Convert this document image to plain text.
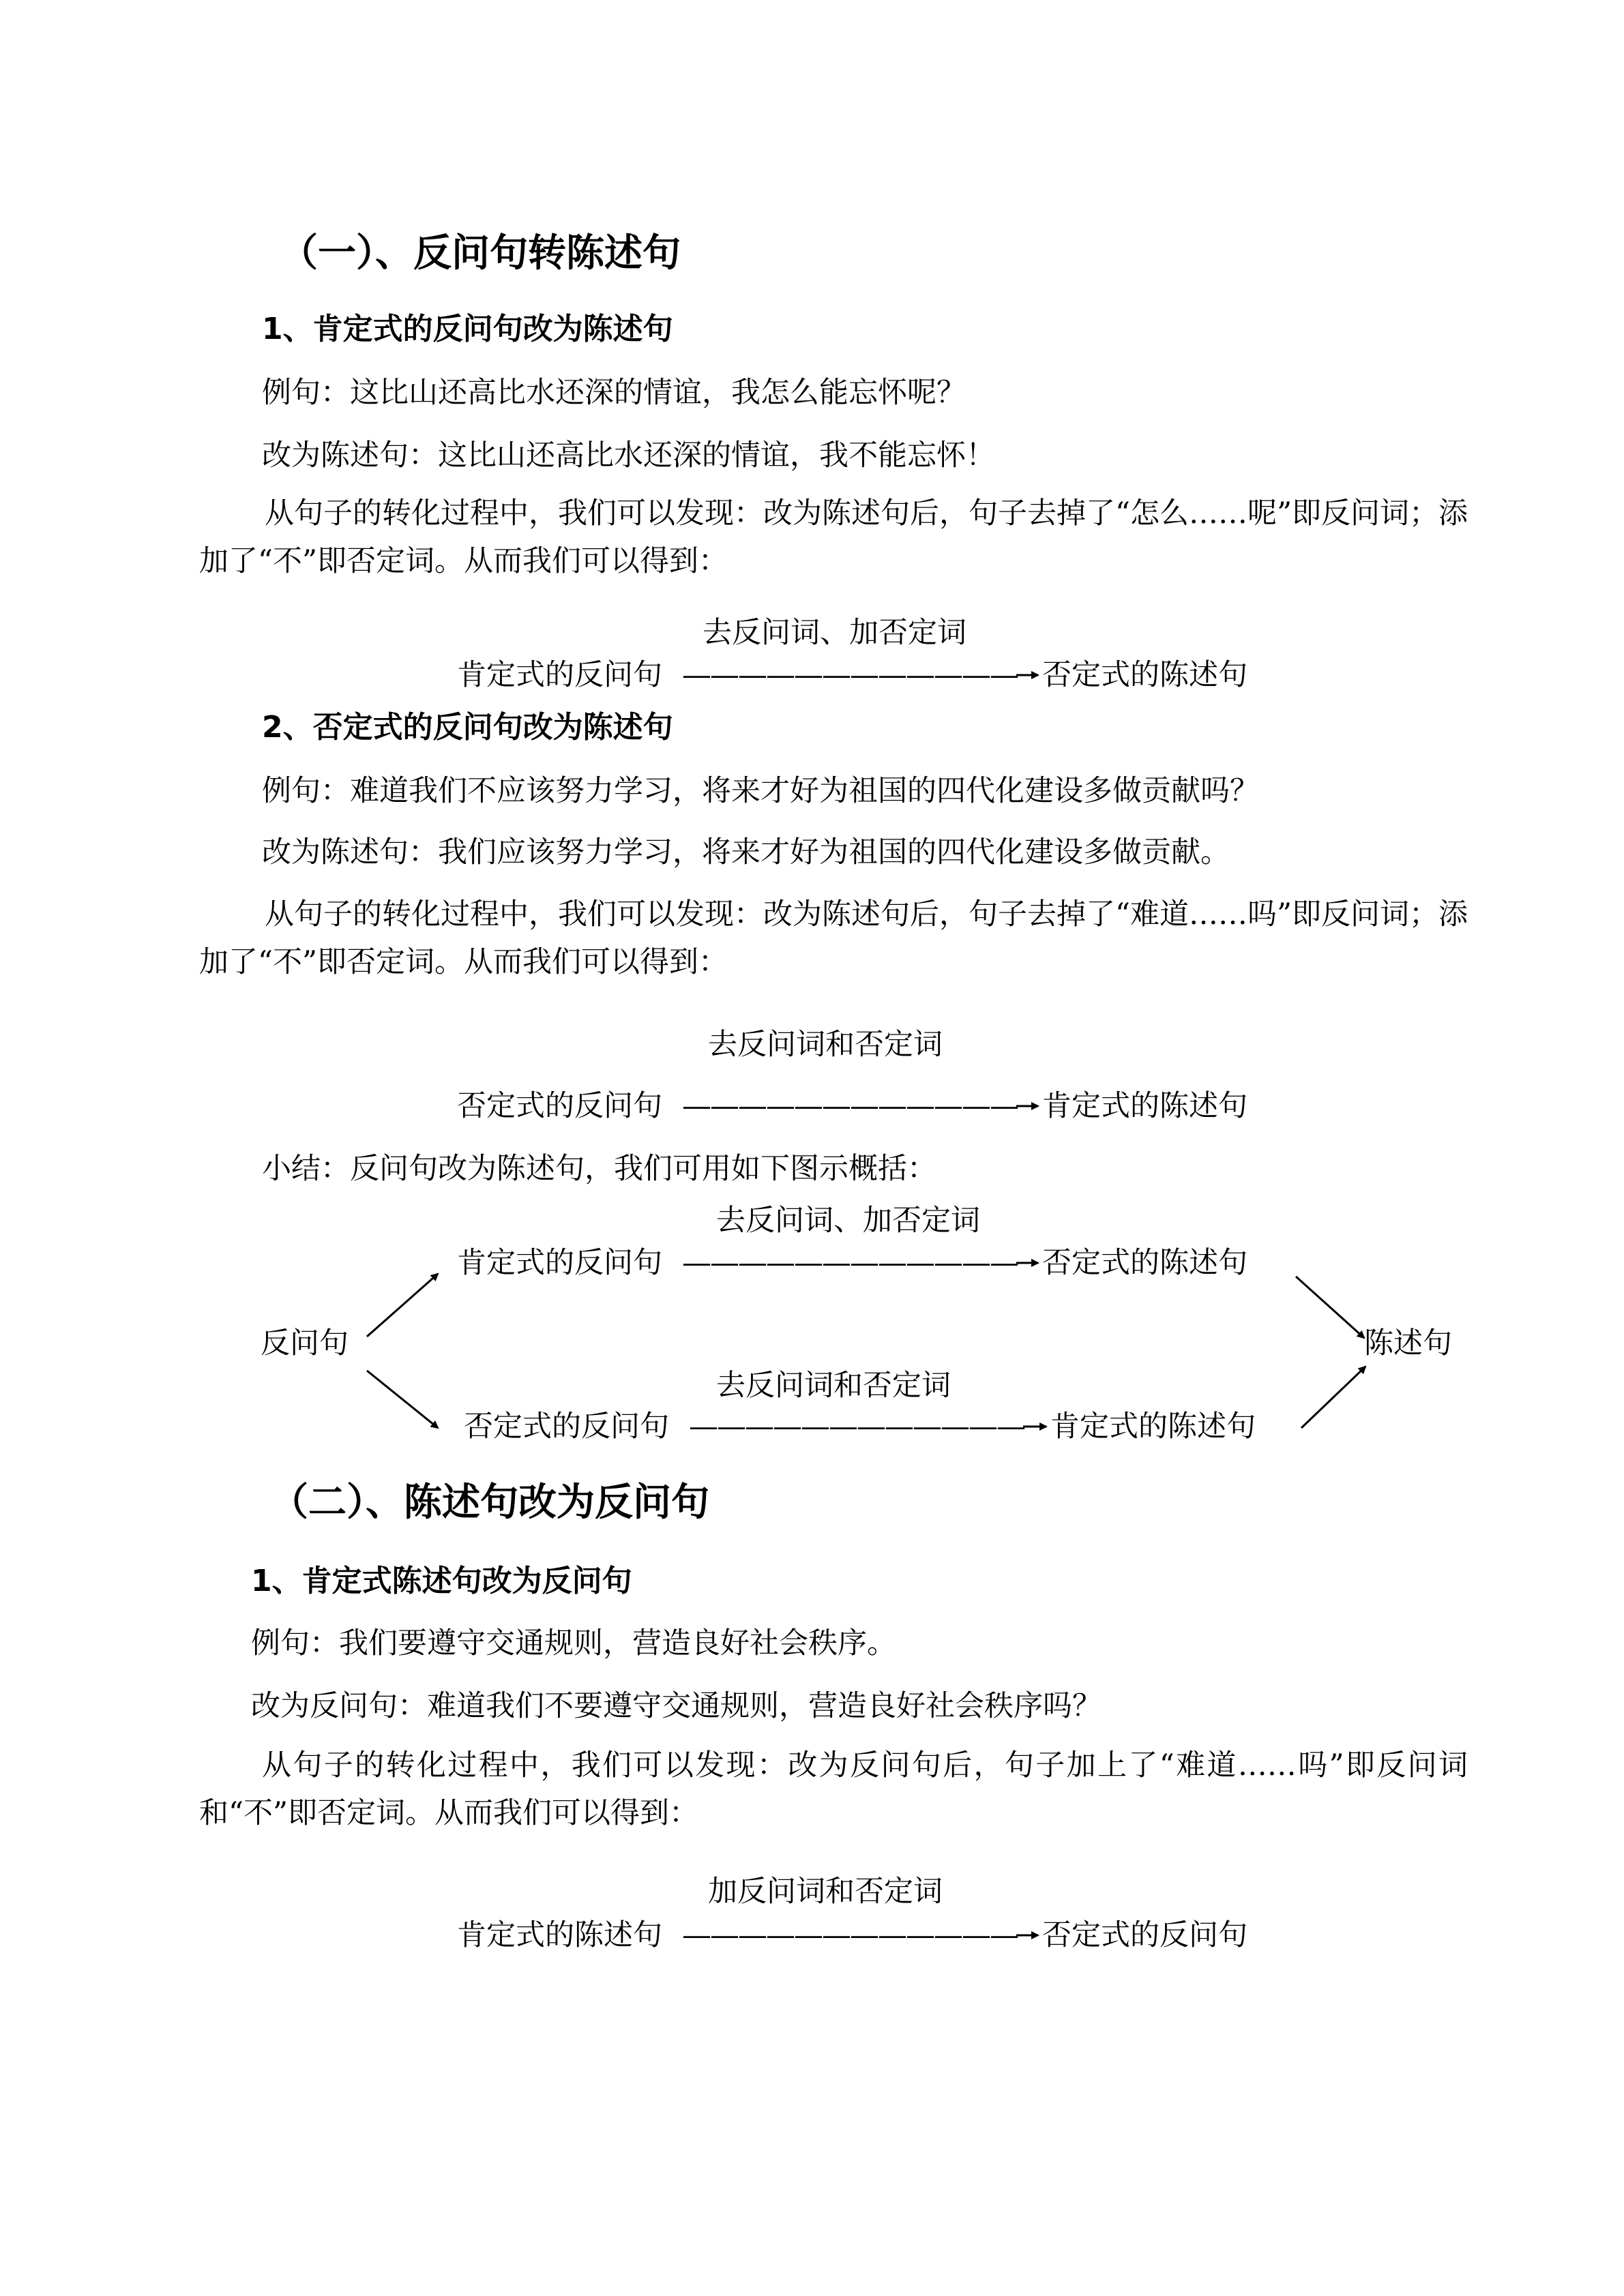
（一）、反问句转陈述句
1、肯定式的反问句改为陈述句
例句：这比山还高比水还深的情谊，我怎么能忘怀呢？
改为陈述句：这比山还高比水还深的情谊，我不能忘怀！
从句子的转化过程中，我们可以发现：改为陈述句后，句子去掉了“怎么……呢”即反问词；添加了“不”即否定词。从而我们可以得到：
去反问词、加否定词
肯定式的反问句 ———————————— 否定式的陈述句
2、否定式的反问句改为陈述句
例句：难道我们不应该努力学习，将来才好为祖国的四代化建设多做贡献吗？
改为陈述句：我们应该努力学习，将来才好为祖国的四代化建设多做贡献。
从句子的转化过程中，我们可以发现：改为陈述句后，句子去掉了“难道……吗”即反问词；添加了“不”即否定词。从而我们可以得到：
去反问词和否定词
否定式的反问句 ———————————— 肯定式的陈述句
小结：反问句改为陈述句，我们可用如下图示概括：
去反问词、加否定词
肯定式的反问句 ———————————— 否定式的陈述句
反问句	陈述句
去反问词和否定词
否定式的反问句 ———————————— 肯定式的陈述句
（二）、陈述句改为反问句
1、肯定式陈述句改为反问句
例句：我们要遵守交通规则，营造良好社会秩序。
改为反问句：难道我们不要遵守交通规则，营造良好社会秩序吗？
从句子的转化过程中，我们可以发现：改为反问句后，句子加上了“难道……吗”即反问词和“不”即否定词。从而我们可以得到：
加反问词和否定词
肯定式的陈述句 ———————————— 否定式的反问句
